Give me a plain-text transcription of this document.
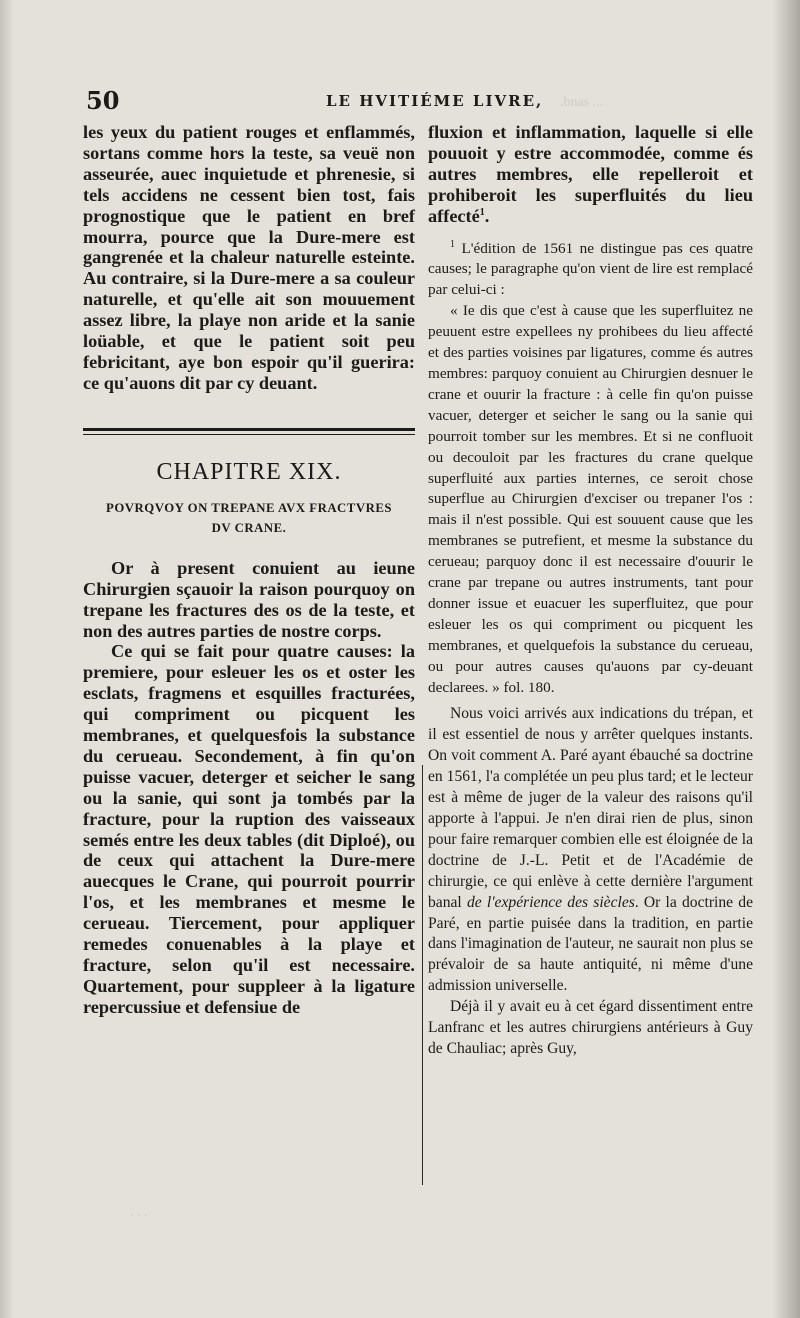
.bnas ...
. . .
50	LE HVITIÉME LIVRE,

les yeux du patient rouges et enflammés, sortans comme hors la teste, sa veuë non asseurée, auec inquietude et phrenesie, si tels accidens ne cessent bien tost, fais prognostique que le patient en bref mourra, pource que la Dure-mere est gangrenée et la chaleur naturelle esteinte. Au contraire, si la Dure-mere a sa couleur naturelle, et qu'elle ait son mouuement assez libre, la playe non aride et la sanie loüable, et que le patient soit peu febricitant, aye bon espoir qu'il guerira: ce qu'auons dit par cy deuant.

CHAPITRE XIX.
POVRQVOY ON TREPANE AVX FRACTVRES
DV CRANE.

Or à present conuient au ieune Chirurgien sçauoir la raison pourquoy on trepane les fractures des os de la teste, et non des autres parties de nostre corps.

Ce qui se fait pour quatre causes: la premiere, pour esleuer les os et oster les esclats, fragmens et esquilles fracturées, qui compriment ou picquent les membranes, et quelquesfois la substance du cerueau. Secondement, à fin qu'on puisse vacuer, deterger et seicher le sang ou la sanie, qui sont ja tombés par la fracture, pour la ruption des vaisseaux semés entre les deux tables (dit Diploé), ou de ceux qui attachent la Dure-mere auecques le Crane, qui pourroit pourrir l'os, et les membranes et mesme le cerueau. Tiercement, pour appliquer remedes conuenables à la playe et fracture, selon qu'il est necessaire. Quartement, pour suppleer à la ligature repercussiue et defensiue de

fluxion et inflammation, laquelle si elle pouuoit y estre accommodée, comme és autres membres, elle repelleroit et prohiberoit les superfluités du lieu affecté$^1$.

$^1$ L'édition de 1561 ne distingue pas ces quatre causes; le paragraphe qu'on vient de lire est remplacé par celui-ci :

« Ie dis que c'est à cause que les superfluitez ne peuuent estre expellees ny prohibees du lieu affecté et des parties voisines par ligatures, comme és autres membres: parquoy conuient au Chirurgien desnuer le crane et ouurir la fracture : à celle fin qu'on puisse vacuer, deterger et seicher le sang ou la sanie qui pourroit tomber sur les membres. Et si ne confluoit ou decouloit par les fractures du crane quelque superfluité aux parties internes, ce seroit chose superflue au Chirurgien d'exciser ou trepaner l'os : mais il n'est possible. Qui est souuent cause que les membranes se putrefient, et mesme la substance du cerueau; parquoy donc il est necessaire d'ouurir le crane par trepane ou autres instruments, tant pour donner issue et euacuer les superfluitez, que pour esleuer les os qui compriment ou picquent les membranes, et quelquefois la substance du cerueau, ou pour autres causes qu'auons par cy-deuant declarees. » fol. 180.

Nous voici arrivés aux indications du trépan, et il est essentiel de nous y arrêter quelques instants. On voit comment A. Paré ayant ébauché sa doctrine en 1561, l'a complétée un peu plus tard; et le lecteur est à même de juger de la valeur des raisons qu'il apporte à l'appui. Je n'en dirai rien de plus, sinon pour faire remarquer combien elle est éloignée de la doctrine de J.-L. Petit et de l'Académie de chirurgie, ce qui enlève à cette dernière l'argument banal de l'expérience des siècles. Or la doctrine de Paré, en partie puisée dans la tradition, en partie dans l'imagination de l'auteur, ne saurait non plus se prévaloir de sa haute antiquité, ni même d'une admission universelle.

Déjà il y avait eu à cet égard dissentiment entre Lanfranc et les autres chirurgiens antérieurs à Guy de Chauliac; après Guy,
